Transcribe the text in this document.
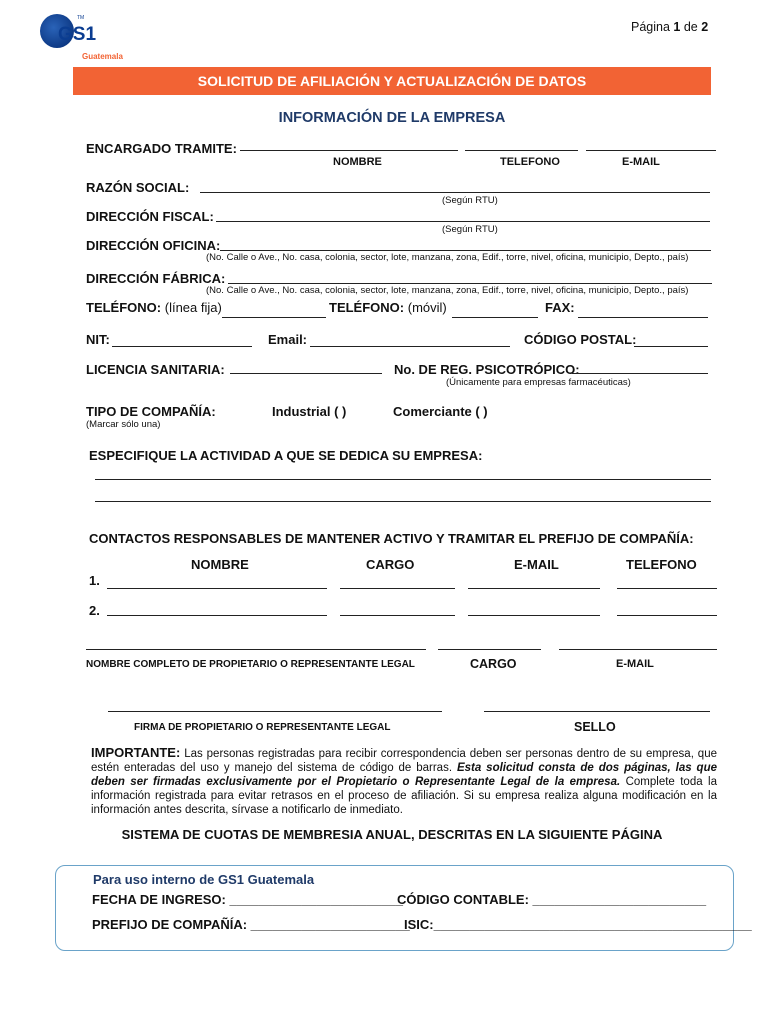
GS1
TM
Guatemala
Página 1 de 2
SOLICITUD DE AFILIACIÓN Y ACTUALIZACIÓN DE DATOS
INFORMACIÓN DE LA EMPRESA
ENCARGADO TRAMITE:
NOMBRE	TELEFONO	E-MAIL
RAZÓN SOCIAL:
(Según RTU)
DIRECCIÓN FISCAL:
(Según RTU)
DIRECCIÓN OFICINA:
(No. Calle o Ave., No. casa, colonia, sector, lote, manzana, zona, Edif., torre, nivel, oficina, municipio, Depto., país)
DIRECCIÓN FÁBRICA:
(No. Calle o Ave., No. casa, colonia, sector, lote, manzana, zona, Edif., torre, nivel, oficina, municipio, Depto., país)
TELÉFONO: (línea fija)	TELÉFONO: (móvil)	FAX:
NIT:	Email:	CÓDIGO POSTAL:
LICENCIA SANITARIA:	No. DE REG. PSICOTRÓPICO:
(Únicamente para empresas farmacéuticas)
TIPO DE COMPAÑÍA:
(Marcar sólo una)
Industrial ( )	Comerciante ( )
ESPECIFIQUE LA ACTIVIDAD A QUE SE DEDICA SU EMPRESA:
CONTACTOS RESPONSABLES DE MANTENER ACTIVO Y TRAMITAR EL PREFIJO DE COMPAÑÍA:
NOMBRE	CARGO	E-MAIL	TELEFONO
1.
2.
NOMBRE COMPLETO DE PROPIETARIO O REPRESENTANTE LEGAL	CARGO	E-MAIL
FIRMA DE PROPIETARIO O REPRESENTANTE LEGAL	SELLO
IMPORTANTE: Las personas registradas para recibir correspondencia deben ser personas dentro de su empresa, que estén enteradas del uso y manejo del sistema de código de barras. Esta solicitud consta de dos páginas, las que deben ser firmadas exclusivamente por el Propietario o Representante Legal de la empresa. Complete toda la información registrada para evitar retrasos en el proceso de afiliación. Si su empresa realiza alguna modificación en la información antes descrita, sírvase a notificarlo de inmediato.
SISTEMA DE CUOTAS DE MEMBRESIA ANUAL, DESCRITAS EN LA SIGUIENTE PÁGINA
Para uso interno de GS1 Guatemala
FECHA DE INGRESO: ________________________
CÓDIGO CONTABLE: ________________________
PREFIJO DE COMPAÑÍA: ______________________
ISIC:____________________________________________
